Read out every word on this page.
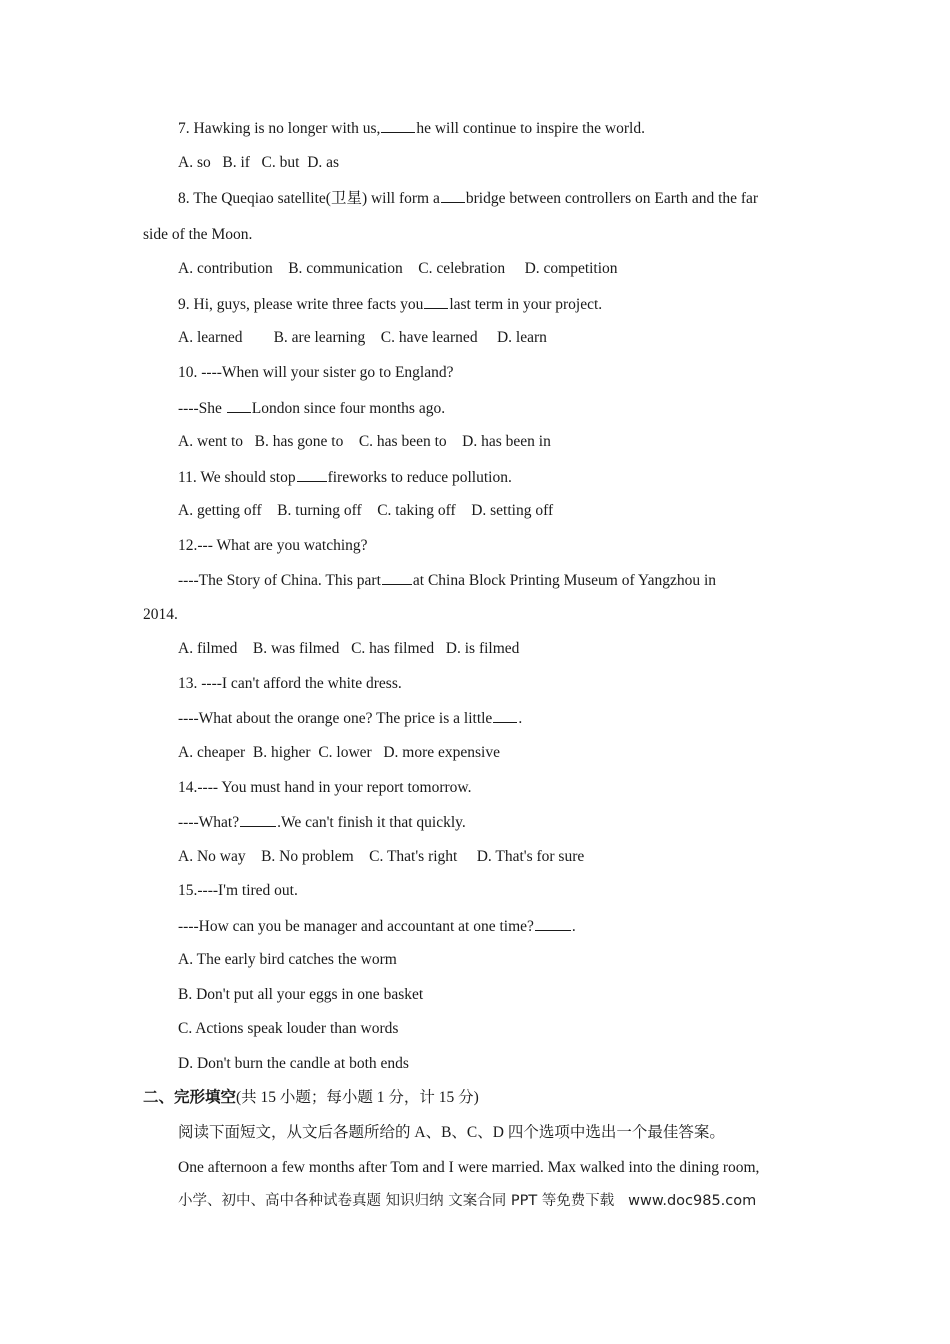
7. Hawking is no longer with us, he will continue to inspire the world.
A. so B. if C. but D. as
8. The Queqiao satellite(卫星) will form a bridge between controllers on Earth and the far
side of the Moon.
A. contribution B. communication C. celebration D. competition
9. Hi, guys, please write three facts you last term in your project.
A. learned B. are learning C. have learned D. learn
10. ----When will your sister go to England?
----She London since four months ago.
A. went to B. has gone to C. has been to D. has been in
11. We should stop fireworks to reduce pollution.
A. getting off B. turning off C. taking off D. setting off
12.--- What are you watching?
----The Story of China. This part at China Block Printing Museum of Yangzhou in
2014.
A. filmed B. was filmed C. has filmed D. is filmed
13. ----I can't afford the white dress.
----What about the orange one? The price is a little .
A. cheaper B. higher C. lower D. more expensive
14.---- You must hand in your report tomorrow.
----What? .We can't finish it that quickly.
A. No way B. No problem C. That's right D. That's for sure
15.----I'm tired out.
----How can you be manager and accountant at one time? .
A. The early bird catches the worm
B. Don't put all your eggs in one basket
C. Actions speak louder than words
D. Don't burn the candle at both ends
二、完形填空(共 15 小题；每小题 1 分，计 15 分)
阅读下面短文，从文后各题所给的 A、B、C、D 四个选项中选出一个最佳答案。
One afternoon a few months after Tom and I were married. Max walked into the dining room,
小学、初中、高中各种试卷真题 知识归纳 文案合同 PPT 等免费下载   www.doc985.com
